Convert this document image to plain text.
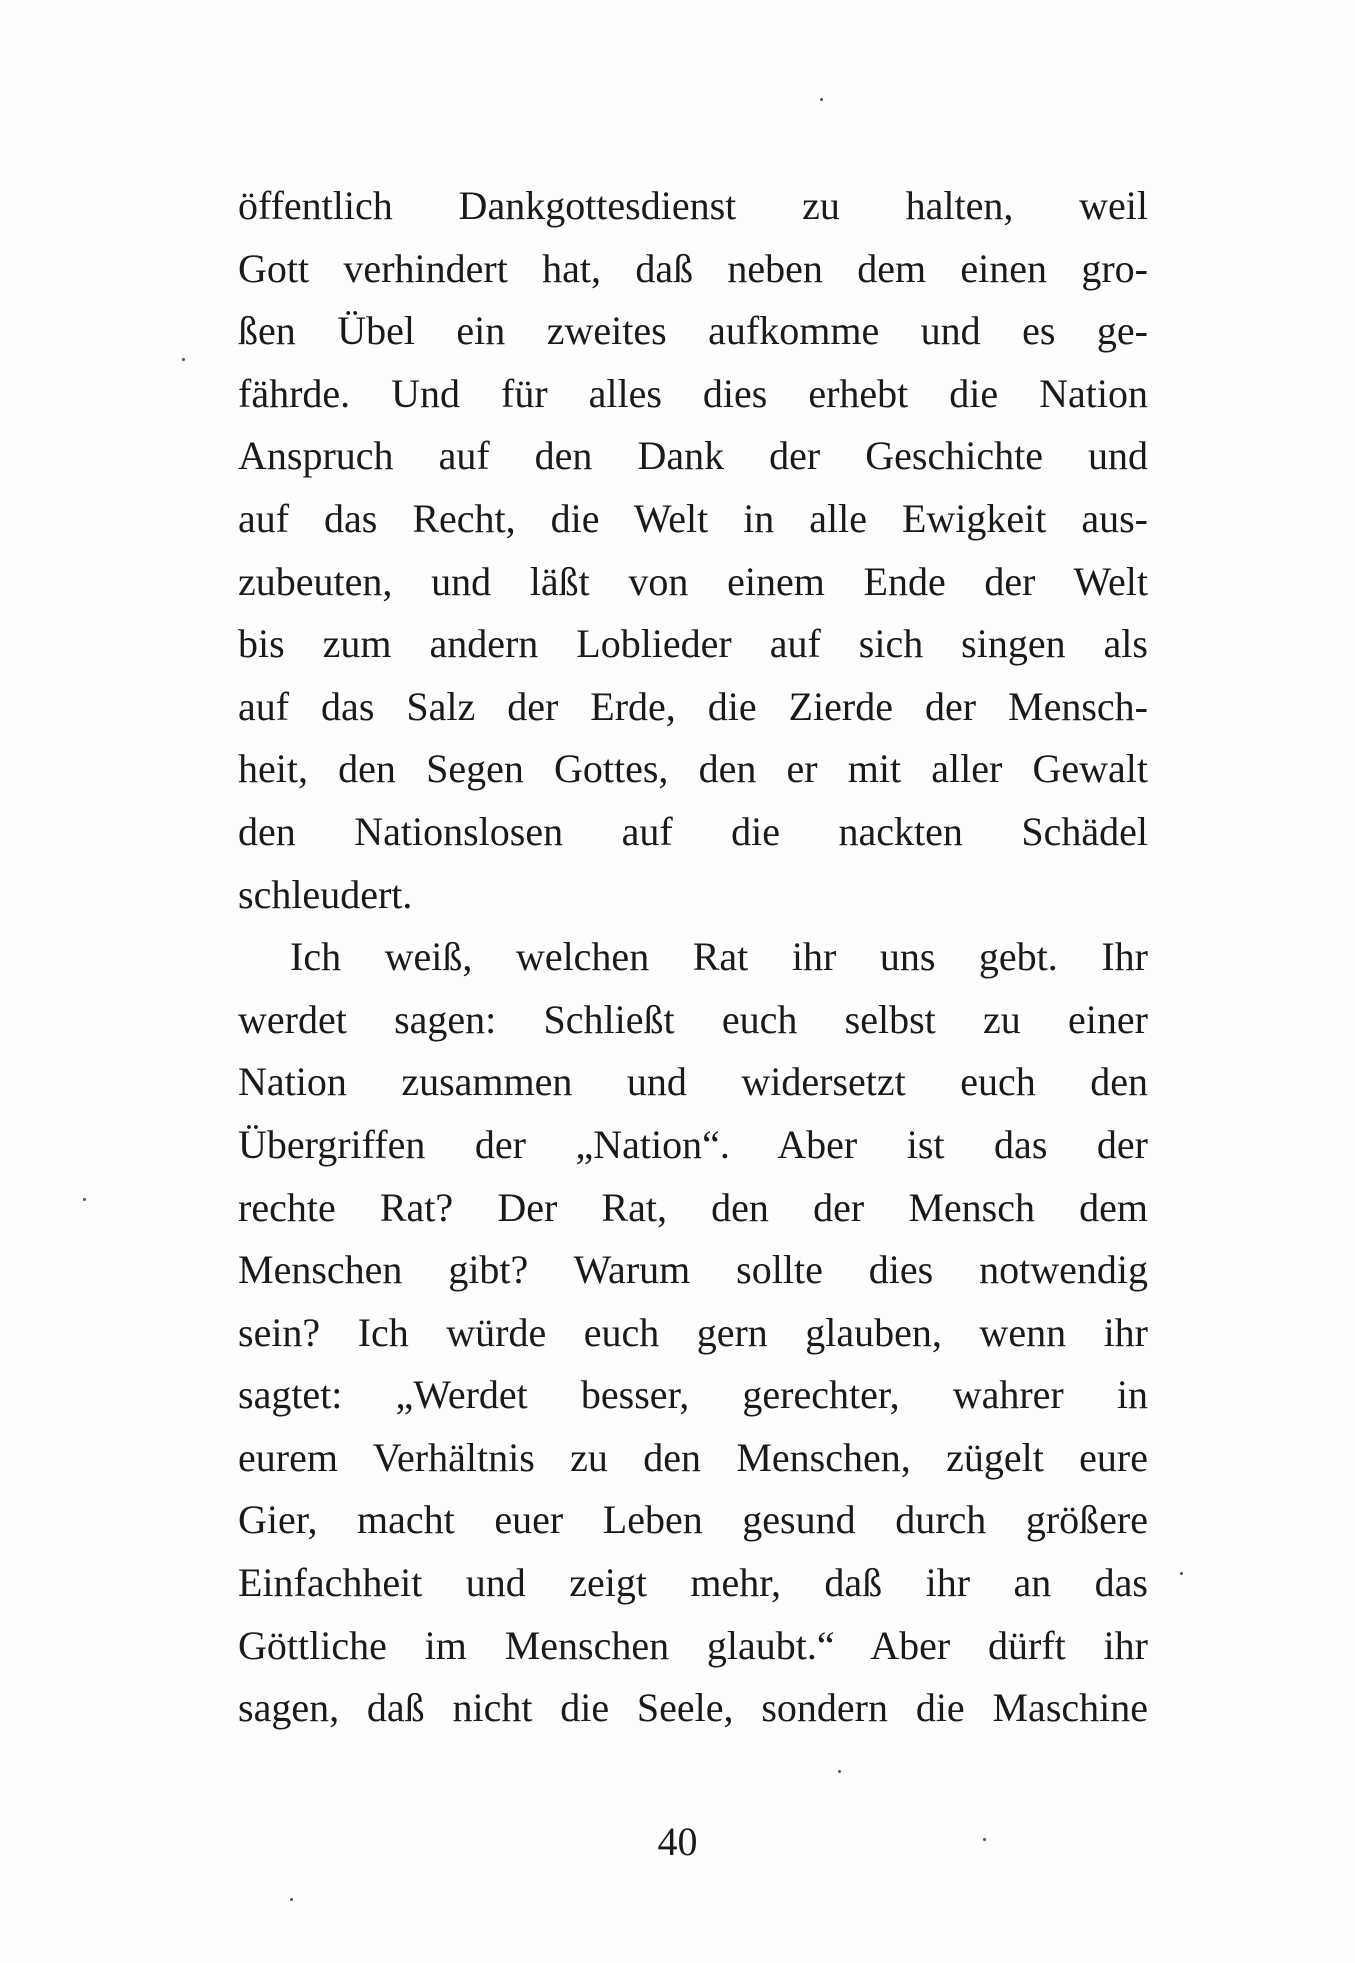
öffentlich Dankgottesdienst zu halten, weil
Gott verhindert hat, daß neben dem einen gro-
ßen Übel ein zweites aufkomme und es ge-
fährde. Und für alles dies erhebt die Nation
Anspruch auf den Dank der Geschichte und
auf das Recht, die Welt in alle Ewigkeit aus-
zubeuten, und läßt von einem Ende der Welt
bis zum andern Loblieder auf sich singen als
auf das Salz der Erde, die Zierde der Mensch-
heit, den Segen Gottes, den er mit aller Gewalt
den Nationslosen auf die nackten Schädel
schleudert.
Ich weiß, welchen Rat ihr uns gebt. Ihr
werdet sagen: Schließt euch selbst zu einer
Nation zusammen und widersetzt euch den
Übergriffen der „Nation“. Aber ist das der
rechte Rat? Der Rat, den der Mensch dem
Menschen gibt? Warum sollte dies notwendig
sein? Ich würde euch gern glauben, wenn ihr
sagtet: „Werdet besser, gerechter, wahrer in
eurem Verhältnis zu den Menschen, zügelt eure
Gier, macht euer Leben gesund durch größere
Einfachheit und zeigt mehr, daß ihr an das
Göttliche im Menschen glaubt.“ Aber dürft ihr
sagen, daß nicht die Seele, sondern die Maschine
40
